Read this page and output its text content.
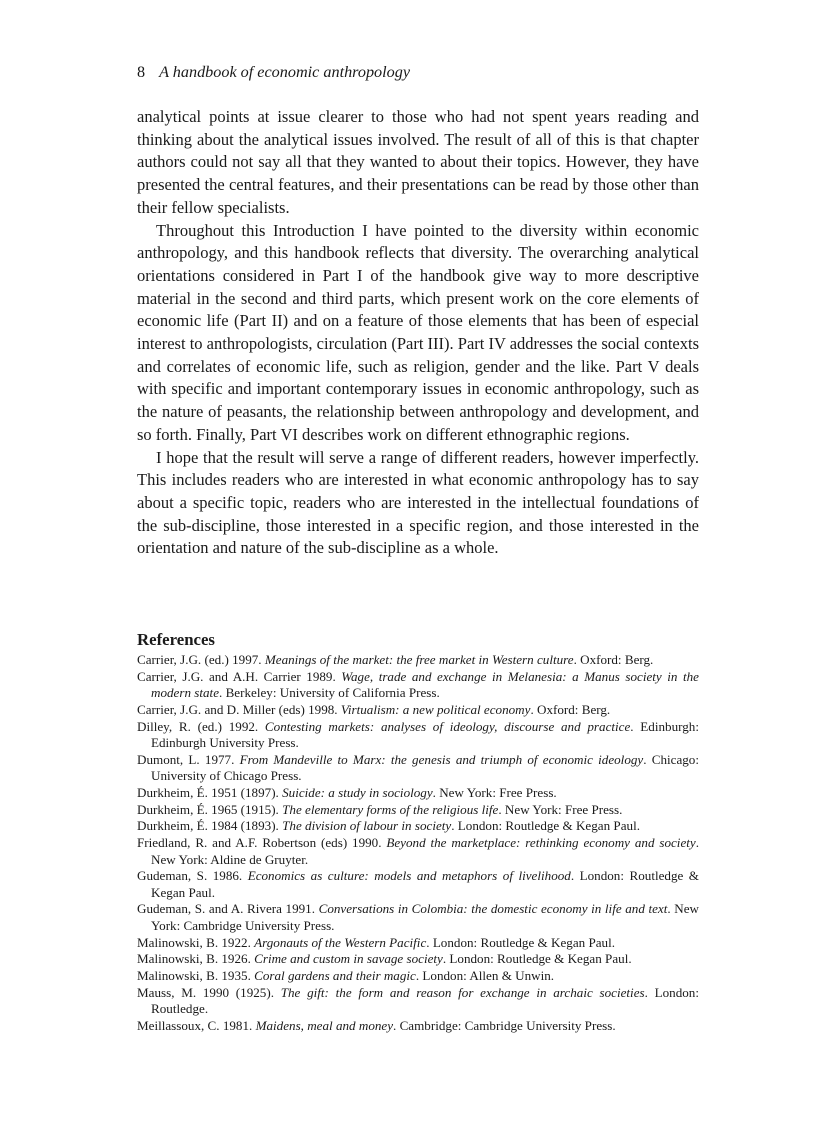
8 A handbook of economic anthropology

analytical points at issue clearer to those who had not spent years reading and thinking about the analytical issues involved. The result of all of this is that chapter authors could not say all that they wanted to about their topics. However, they have presented the central features, and their presentations can be read by those other than their fellow specialists.

Throughout this Introduction I have pointed to the diversity within economic anthropology, and this handbook reflects that diversity. The overarching analytical orientations considered in Part I of the handbook give way to more descriptive material in the second and third parts, which present work on the core elements of economic life (Part II) and on a feature of those elements that has been of especial interest to anthropologists, circulation (Part III). Part IV addresses the social contexts and correlates of economic life, such as religion, gender and the like. Part V deals with specific and important contemporary issues in economic anthropology, such as the nature of peasants, the relationship between anthropology and development, and so forth. Finally, Part VI describes work on different ethnographic regions.

I hope that the result will serve a range of different readers, however imperfectly. This includes readers who are interested in what economic anthropology has to say about a specific topic, readers who are interested in the intellectual foundations of the sub-discipline, those interested in a specific region, and those interested in the orientation and nature of the sub-discipline as a whole.

References
Carrier, J.G. (ed.) 1997. Meanings of the market: the free market in Western culture. Oxford: Berg.
Carrier, J.G. and A.H. Carrier 1989. Wage, trade and exchange in Melanesia: a Manus society in the modern state. Berkeley: University of California Press.
Carrier, J.G. and D. Miller (eds) 1998. Virtualism: a new political economy. Oxford: Berg.
Dilley, R. (ed.) 1992. Contesting markets: analyses of ideology, discourse and practice. Edinburgh: Edinburgh University Press.
Dumont, L. 1977. From Mandeville to Marx: the genesis and triumph of economic ideology. Chicago: University of Chicago Press.
Durkheim, É. 1951 (1897). Suicide: a study in sociology. New York: Free Press.
Durkheim, É. 1965 (1915). The elementary forms of the religious life. New York: Free Press.
Durkheim, É. 1984 (1893). The division of labour in society. London: Routledge & Kegan Paul.
Friedland, R. and A.F. Robertson (eds) 1990. Beyond the marketplace: rethinking economy and society. New York: Aldine de Gruyter.
Gudeman, S. 1986. Economics as culture: models and metaphors of livelihood. London: Routledge & Kegan Paul.
Gudeman, S. and A. Rivera 1991. Conversations in Colombia: the domestic economy in life and text. New York: Cambridge University Press.
Malinowski, B. 1922. Argonauts of the Western Pacific. London: Routledge & Kegan Paul.
Malinowski, B. 1926. Crime and custom in savage society. London: Routledge & Kegan Paul.
Malinowski, B. 1935. Coral gardens and their magic. London: Allen & Unwin.
Mauss, M. 1990 (1925). The gift: the form and reason for exchange in archaic societies. London: Routledge.
Meillassoux, C. 1981. Maidens, meal and money. Cambridge: Cambridge University Press.
